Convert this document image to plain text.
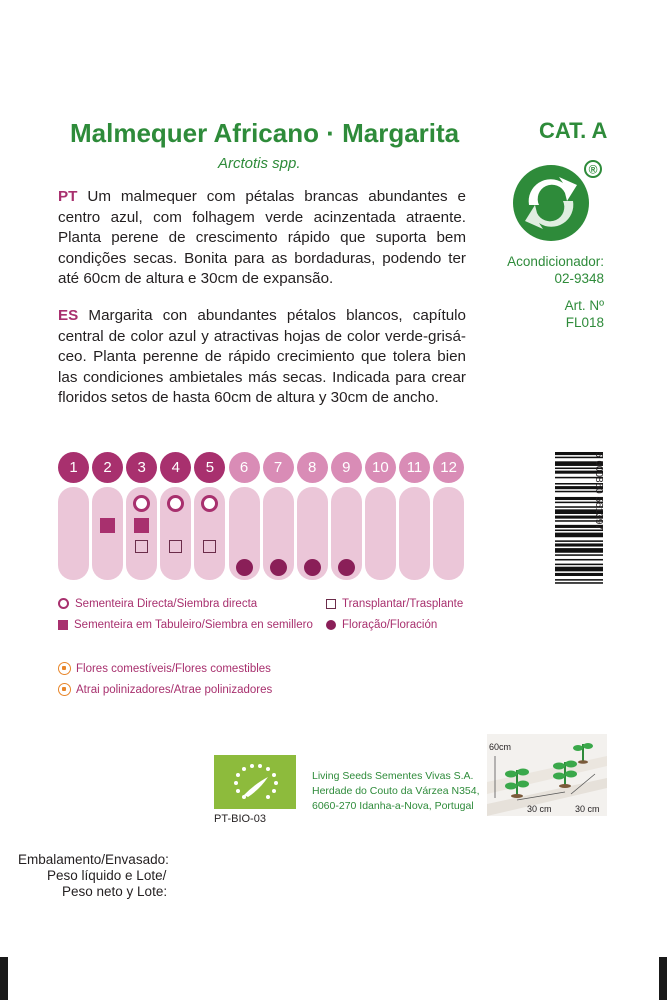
Malmequer Africano · Margarita
Arctotis spp.
CAT. A
PT Um malmequer com pétalas brancas abundantes e centro azul, com folhagem verde acinzentada atraente. Planta perene de crescimento rápido que suporta bem condições secas. Bonita para as bordaduras, podendo ter até 60cm de altura e 30cm de expansão.
ES Margarita con abundantes pétalos blancos, capítulo central de color azul y atractivas hojas de color verde-grisá-ceo. Planta perenne de rápido crecimiento que tolera bien las condiciones ambietales más secas. Indicada para crear floridos setos de hasta 60cm de altura y 30cm de ancho.
®
Acondicionador:
02-9348
Art. Nº
FL018
1	2	3	4	5	6	7	8	9	10	11	12
Sementeira Directa/Siembra directa	Transplantar/Trasplante
Sementeira em Tabuleiro/Siembra en semillero	Floração/Floración
Flores comestíveis/Flores comestibles
Atrai polinizadores/Atrae polinizadores
5 600860 561397
PT-BIO-03
Living Seeds Sementes Vivas S.A.
Herdade do Couto da Várzea N354,
6060-270 Idanha-a-Nova, Portugal
60cm
30 cm	30 cm
Embalamento/Envasado:
Peso líquido e Lote/
Peso neto y Lote:
